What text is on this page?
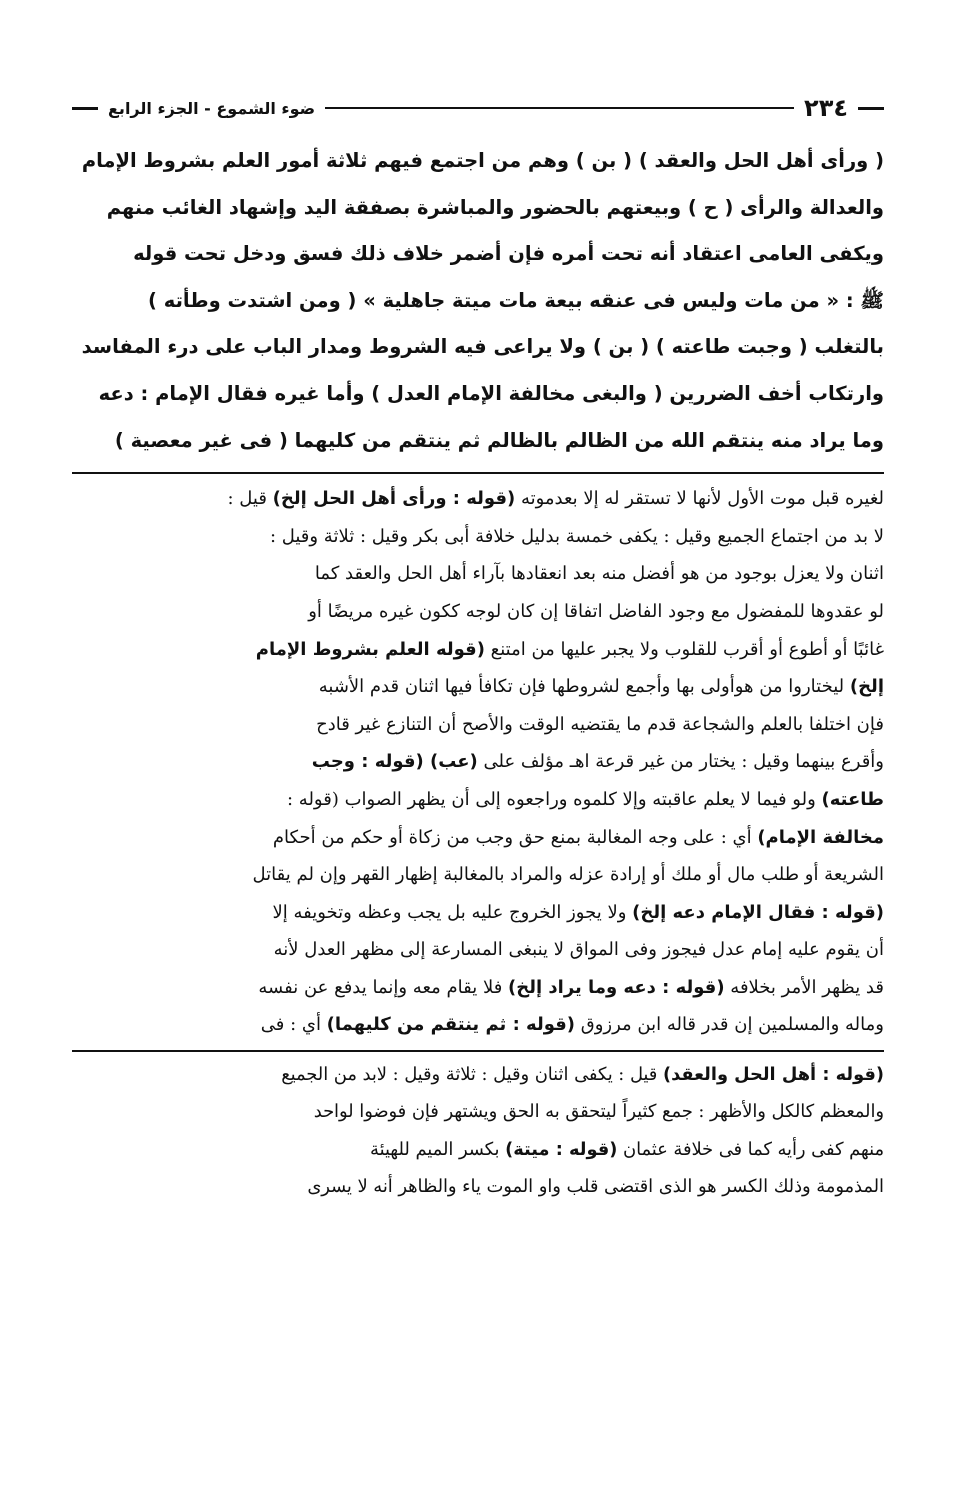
٢٣٤
ضوء الشموع - الجزء الرابع
( ورأى أهل الحل والعقد ) ( بن ) وهم من اجتمع فيهم ثلاثة أمور العلم بشروط الإمام
والعدالة والرأى ( ح ) وبيعتهم بالحضور والمباشرة بصفقة اليد وإشهاد الغائب منهم
ويكفى العامى اعتقاد أنه تحت أمره فإن أضمر خلاف ذلك فسق ودخل تحت قوله
ﷺ : « من مات وليس فى عنقه بيعة مات ميتة جاهلية » ( ومن اشتدت وطأته )
بالتغلب ( وجبت طاعته ) ( بن ) ولا يراعى فيه الشروط ومدار الباب على درء المفاسد
وارتكاب أخف الضررين ( والبغى مخالفة الإمام العدل ) وأما غيره فقال الإمام : دعه
وما يراد منه ينتقم الله من الظالم بالظالم ثم ينتقم من كليهما ( فى غير معصية )
لغيره قبل موت الأول لأنها لا تستقر له إلا بعدموته (قوله : ورأى أهل الحل إلخ) قيل :
لا بد من اجتماع الجميع وقيل : يكفى خمسة بدليل خلافة أبى بكر وقيل : ثلاثة وقيل :
اثنان ولا يعزل بوجود من هو أفضل منه بعد انعقادها بآراء أهل الحل والعقد كما
لو عقدوها للمفضول مع وجود الفاضل اتفاقا إن كان لوجه ككون غيره مريضًا أو
غائبًا أو أطوع أو أقرب للقلوب ولا يجبر عليها من امتنع (قوله العلم بشروط الإمام
إلخ) ليختاروا من هوأولى بها وأجمع لشروطها فإن تكافأ فيها اثنان قدم الأشبه
فإن اختلفا بالعلم والشجاعة قدم ما يقتضيه الوقت والأصح أن التنازع غير قادح
وأقرع بينهما وقيل : يختار من غير قرعة اهـ مؤلف على (عب) (قوله : وجب
طاعته) ولو فيما لا يعلم عاقبته وإلا كلموه وراجعوه إلى أن يظهر الصواب (قوله :
مخالفة الإمام) أي : على وجه المغالبة بمنع حق وجب من زكاة أو حكم من أحكام
الشريعة أو طلب مال أو ملك أو إرادة عزله والمراد بالمغالبة إظهار القهر وإن لم يقاتل
(قوله : فقال الإمام دعه إلخ) ولا يجوز الخروج عليه بل يجب وعظه وتخويفه إلا
أن يقوم عليه إمام عدل فيجوز وفى المواق لا ينبغى المسارعة إلى مظهر العدل لأنه
قد يظهر الأمر بخلافه (قوله : دعه وما يراد إلخ) فلا يقام معه وإنما يدفع عن نفسه
وماله والمسلمين إن قدر قاله ابن مرزوق (قوله : ثم ينتقم من كليهما) أي : فى
(قوله : أهل الحل والعقد) قيل : يكفى اثنان وقيل : ثلاثة وقيل : لابد من الجميع
والمعظم كالكل والأظهر : جمع كثيراً ليتحقق به الحق ويشتهر فإن فوضوا لواحد
منهم كفى رأيه كما فى خلافة عثمان (قوله : ميتة) بكسر الميم للهيئة
المذمومة وذلك الكسر هو الذى اقتضى قلب واو الموت ياء والظاهر أنه لا يسرى
